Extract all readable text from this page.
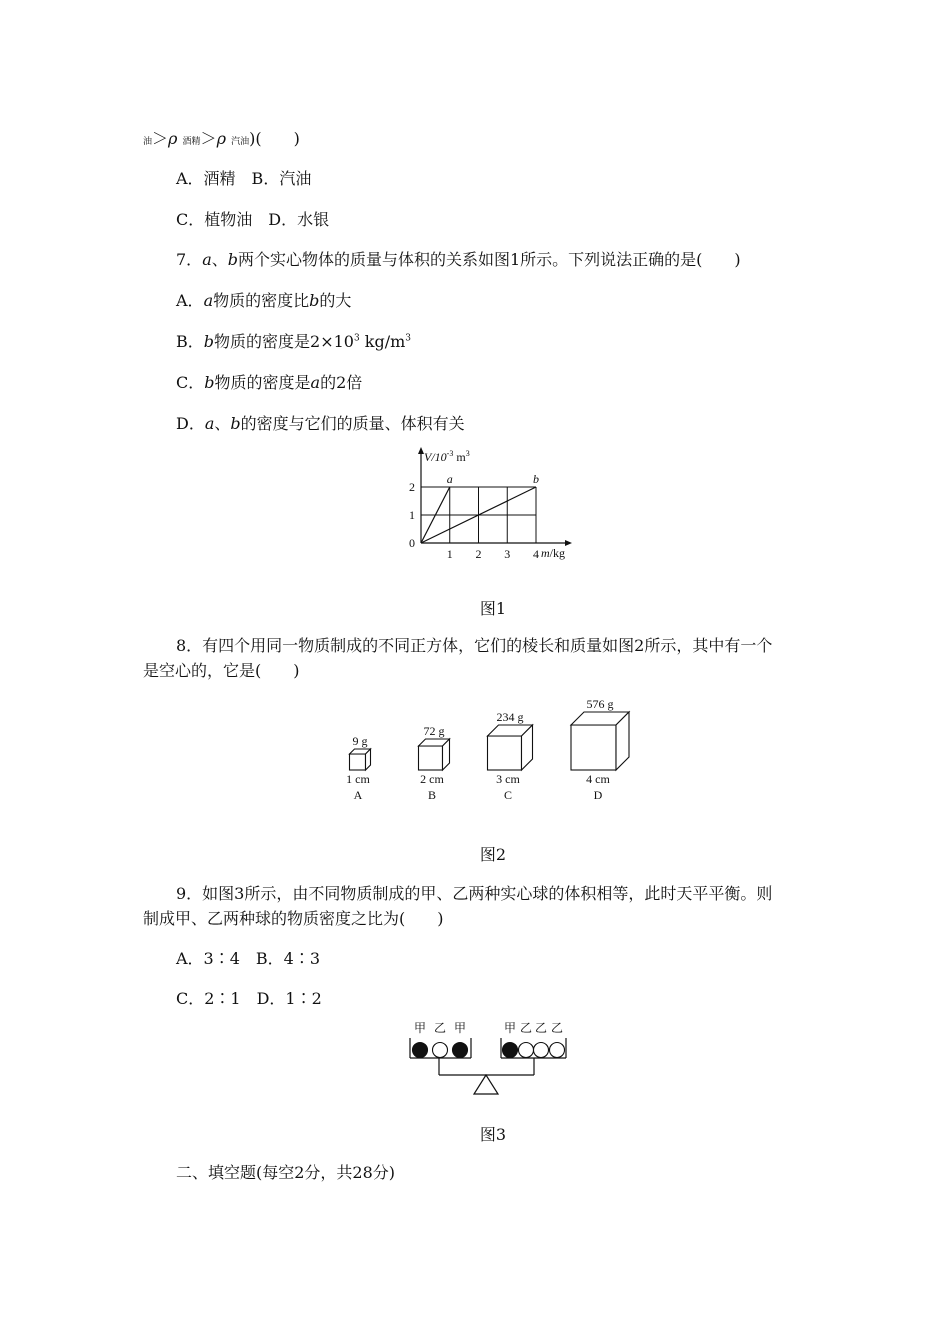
油＞ρ 酒精＞ρ 汽油)(　　)
A．酒精　B．汽油
C．植物油　D．水银
7．a、b两个实心物体的质量与体积的关系如图1所示。下列说法正确的是(　　)
A．a物质的密度比b的大
B．b物质的密度是$2\times 10^3$ $kg/m^3$
C．b物质的密度是a的2倍
D．a、b的密度与它们的质量、体积有关
a	b
2
1
0
1 2 3 4
$V/10^{-3}$ $m^3$
m/kg
图1
8．有四个用同一物质制成的不同正方体，它们的棱长和质量如图2所示，其中有一个
是空心的，它是(　　)
9 g
1 cm
A
72 g
2 cm
B
234 g
3 cm
C
576 g
4 cm
D
图2
9．如图3所示，由不同物质制成的甲、乙两种实心球的体积相等，此时天平平衡。则
制成甲、乙两种球的物质密度之比为(　　)
A．3∶4　B．4∶3
C．2∶1　D．1∶2
甲 乙 甲	甲 乙 乙 乙
图3
二、填空题(每空2分，共28分)
